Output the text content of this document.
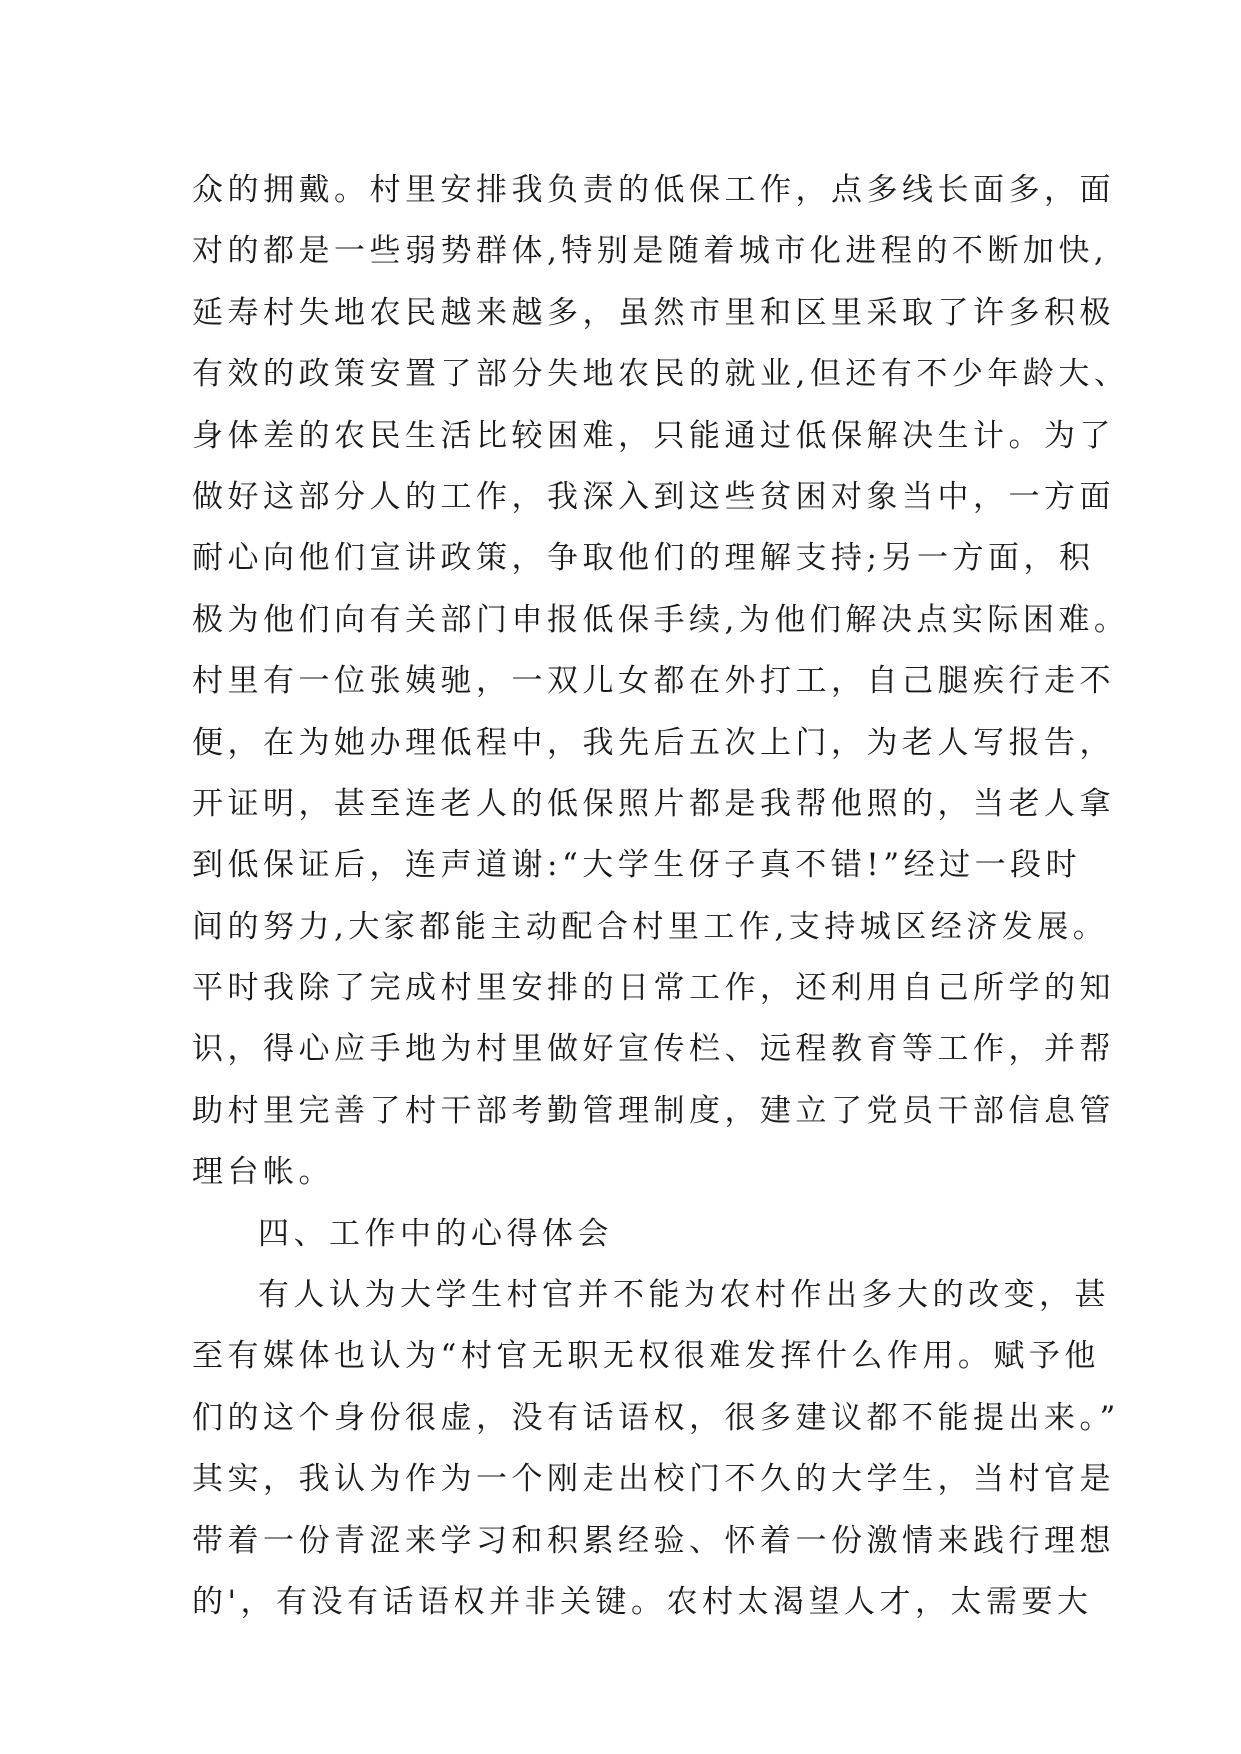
众的拥戴。村里安排我负责的低保工作，点多线长面多，面
对的都是一些弱势群体,特别是随着城市化进程的不断加快,
延寿村失地农民越来越多，虽然市里和区里采取了许多积极
有效的政策安置了部分失地农民的就业,但还有不少年龄大、
身体差的农民生活比较困难，只能通过低保解决生计。为了
做好这部分人的工作，我深入到这些贫困对象当中，一方面
耐心向他们宣讲政策，争取他们的理解支持;另一方面，积
极为他们向有关部门申报低保手续,为他们解决点实际困难。
村里有一位张姨驰，一双儿女都在外打工，自己腿疾行走不
便，在为她办理低程中，我先后五次上门，为老人写报告，
开证明，甚至连老人的低保照片都是我帮他照的，当老人拿
到低保证后，连声道谢:“大学生伢子真不错!”经过一段时
间的努力,大家都能主动配合村里工作,支持城区经济发展。
平时我除了完成村里安排的日常工作，还利用自己所学的知
识，得心应手地为村里做好宣传栏、远程教育等工作，并帮
助村里完善了村干部考勤管理制度，建立了党员干部信息管
理台帐。
四、工作中的心得体会
有人认为大学生村官并不能为农村作出多大的改变，甚
至有媒体也认为“村官无职无权很难发挥什么作用。赋予他
们的这个身份很虚，没有话语权，很多建议都不能提出来。”
其实，我认为作为一个刚走出校门不久的大学生，当村官是
带着一份青涩来学习和积累经验、怀着一份激情来践行理想
的'，有没有话语权并非关键。农村太渴望人才，太需要大
